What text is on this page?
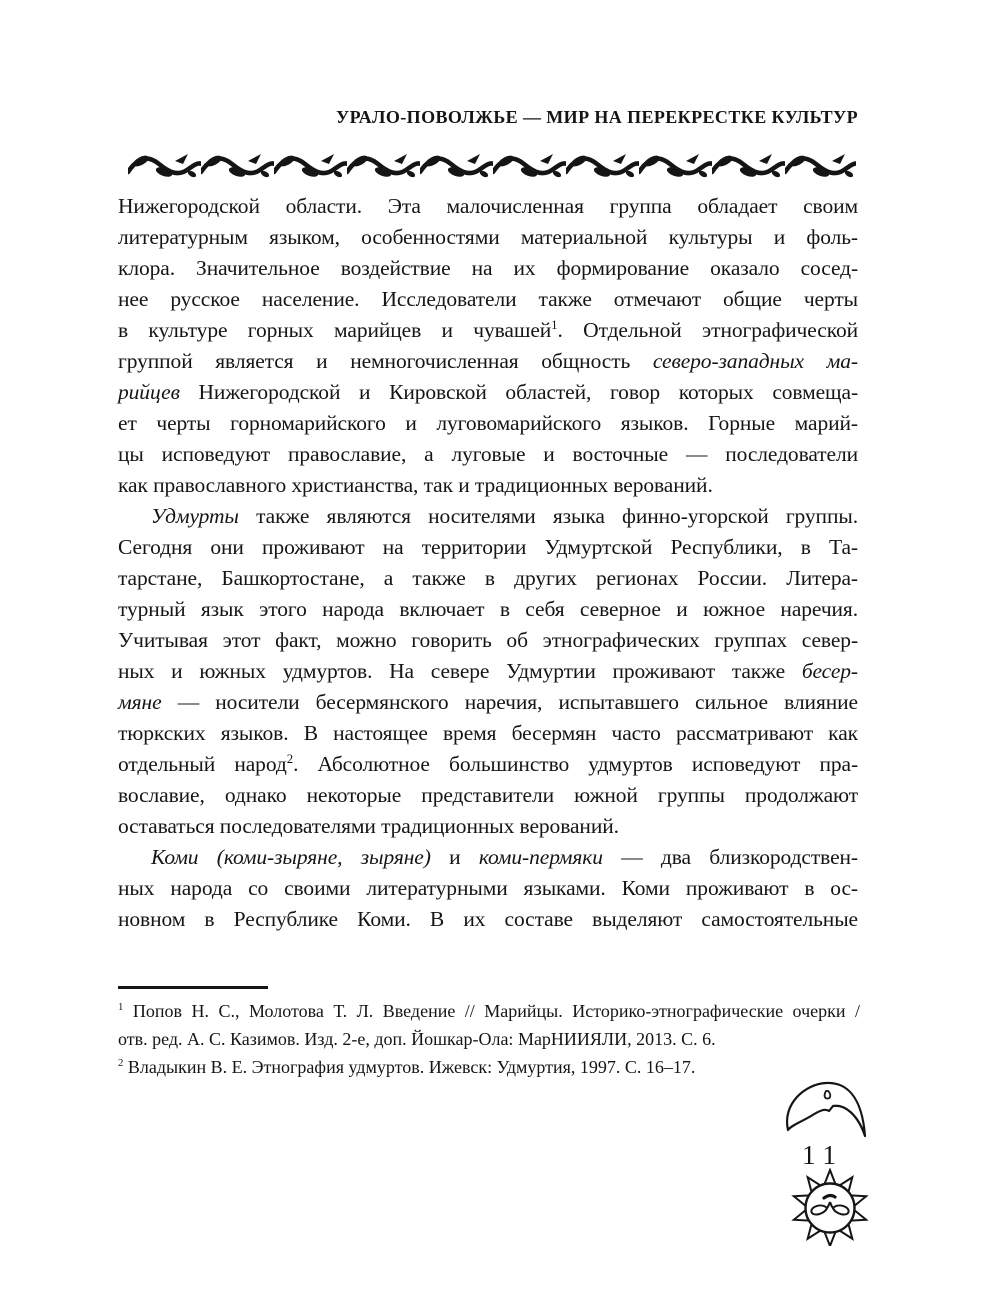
УРАЛО-ПОВОЛЖЬЕ — МИР НА ПЕРЕКРЕСТКЕ КУЛЬТУР
Нижегородской области. Эта малочисленная группа обладает своим
литературным языком, особенностями материальной культуры и фоль-
клора. Значительное воздействие на их формирование оказало сосед-
нее русское население. Исследователи также отмечают общие черты
в культуре горных марийцев и чувашей$^1$. Отдельной этнографической
группой является и немногочисленная общность северо-западных ма-
рийцев Нижегородской и Кировской областей, говор которых совмеща-
ет черты горномарийского и луговомарийского языков. Горные марий-
цы исповедуют православие, а луговые и восточные — последователи
как православного христианства, так и традиционных верований.
Удмурты также являются носителями языка финно-угорской группы.
Сегодня они проживают на территории Удмуртской Республики, в Та-
тарстане, Башкортостане, а также в других регионах России. Литера-
турный язык этого народа включает в себя северное и южное наречия.
Учитывая этот факт, можно говорить об этнографических группах север-
ных и южных удмуртов. На севере Удмуртии проживают также бесер-
мяне — носители бесермянского наречия, испытавшего сильное влияние
тюркских языков. В настоящее время бесермян часто рассматривают как
отдельный народ$^2$. Абсолютное большинство удмуртов исповедуют пра-
вославие, однако некоторые представители южной группы продолжают
оставаться последователями традиционных верований.
Коми (коми-зыряне, зыряне) и коми-пермяки — два близкородствен-
ных народа со своими литературными языками. Коми проживают в ос-
новном в Республике Коми. В их составе выделяют самостоятельные
$^1$ Попов Н. С., Молотова Т. Л. Введение // Марийцы. Историко-этнографические очерки /
отв. ред. А. С. Казимов. Изд. 2-е, доп. Йошкар-Ола: МарНИИЯЛИ, 2013. С. 6.
$^2$ Владыкин В. Е. Этнография удмуртов. Ижевск: Удмуртия, 1997. С. 16–17.
11
